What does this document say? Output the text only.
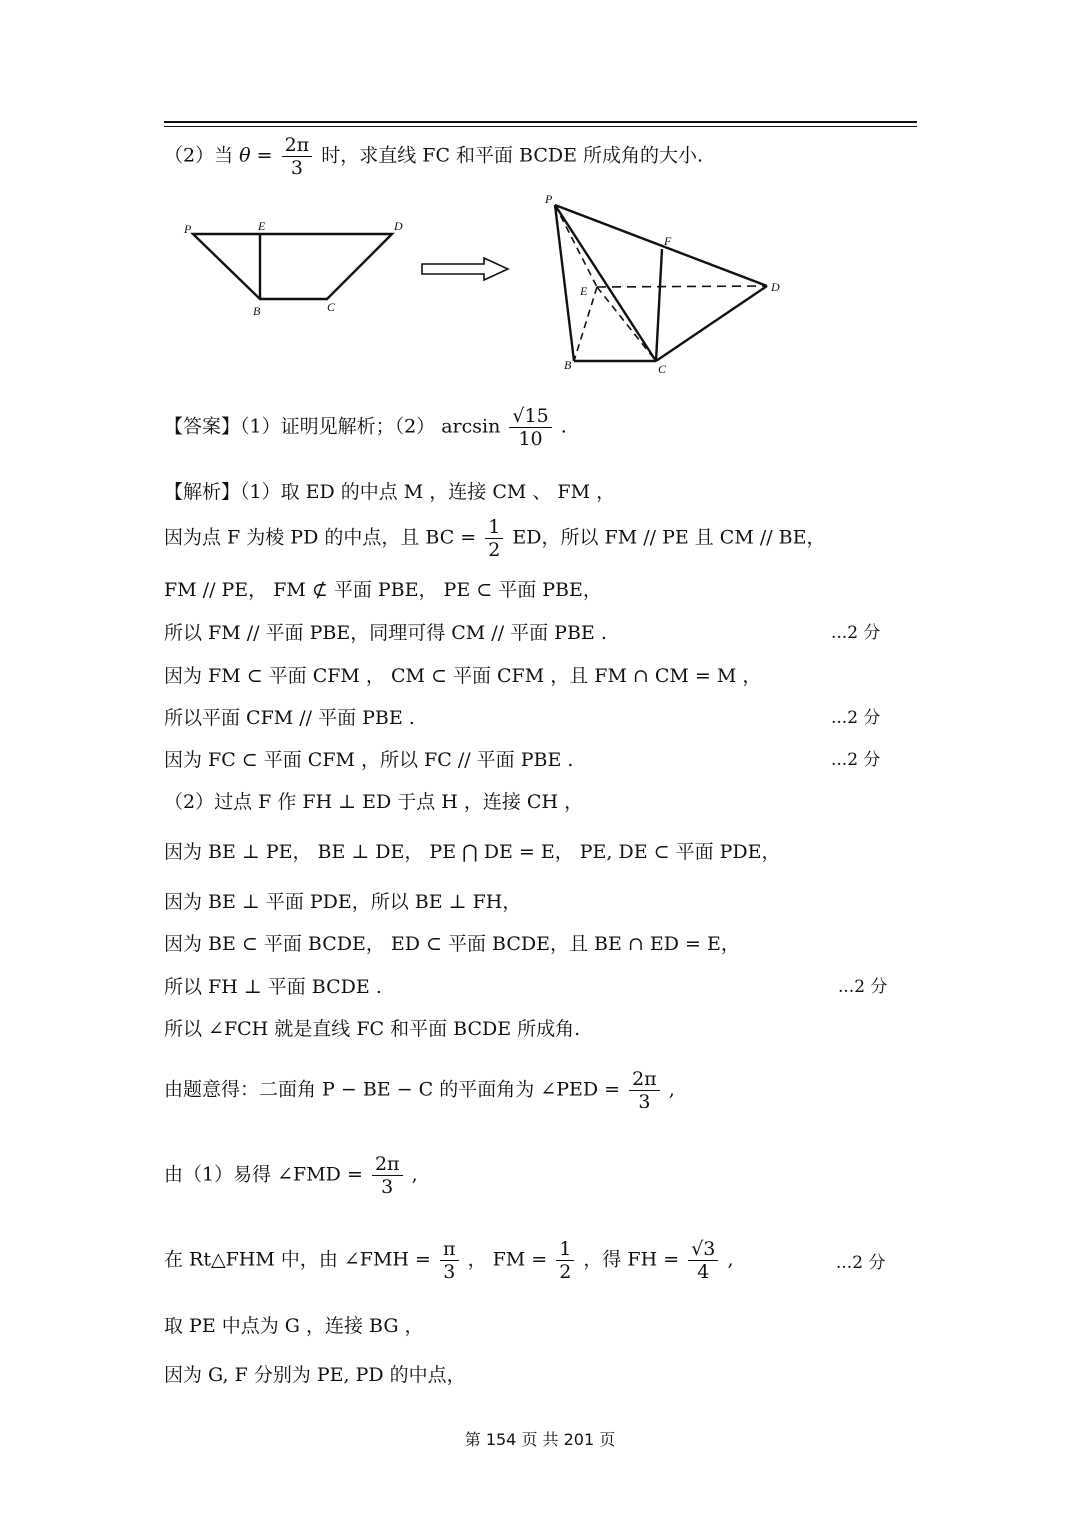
（2）当 $\theta = \frac{2\pi}{3}$ 时，求直线 FC 和平面 BCDE 所成角的大小.
P	E	D
B	C
P
F
E	D
B	C
【答案】（1）证明见解析；（2） $\arcsin \frac{√15}{10}$ .
【解析】（1）取 ED 的中点 M ，连接 CM 、 FM ，
因为点 F 为棱 PD 的中点，且 BC = $\frac{1}{2}$ ED，所以 FM // PE 且 CM // BE，
FM // PE， FM ⊄ 平面 PBE， PE ⊂ 平面 PBE，
所以 FM // 平面 PBE，同理可得 CM // 平面 PBE .	...2 分
因为 FM ⊂ 平面 CFM ， CM ⊂ 平面 CFM ，且 FM ∩ CM = M ，
所以平面 CFM // 平面 PBE .	...2 分
因为 FC ⊂ 平面 CFM ，所以 FC // 平面 PBE .	...2 分
（2）过点 F 作 FH ⊥ ED 于点 H ，连接 CH ，
因为 BE ⊥ PE， BE ⊥ DE， PE ⋂ DE = E， PE, DE ⊂ 平面 PDE，
因为 BE ⊥ 平面 PDE，所以 BE ⊥ FH，
因为 BE ⊂ 平面 BCDE， ED ⊂ 平面 BCDE，且 BE ∩ ED = E，
所以 FH ⊥ 平面 BCDE .	...2 分
所以 ∠FCH 就是直线 FC 和平面 BCDE 所成角.
由题意得：二面角 P − BE − C 的平面角为 ∠PED = $\frac{2\pi}{3}$ ,
由（1）易得 ∠FMD = $\frac{2\pi}{3}$ ,
在 Rt△FHM 中，由 ∠FMH = $\frac{\pi}{3}$ ， FM = $\frac{1}{2}$ ，得 FH = $\frac{√3}{4}$ ,	...2 分
取 PE 中点为 G ，连接 BG ，
因为 G, F 分别为 PE, PD 的中点，
第 154 页 共 201 页
